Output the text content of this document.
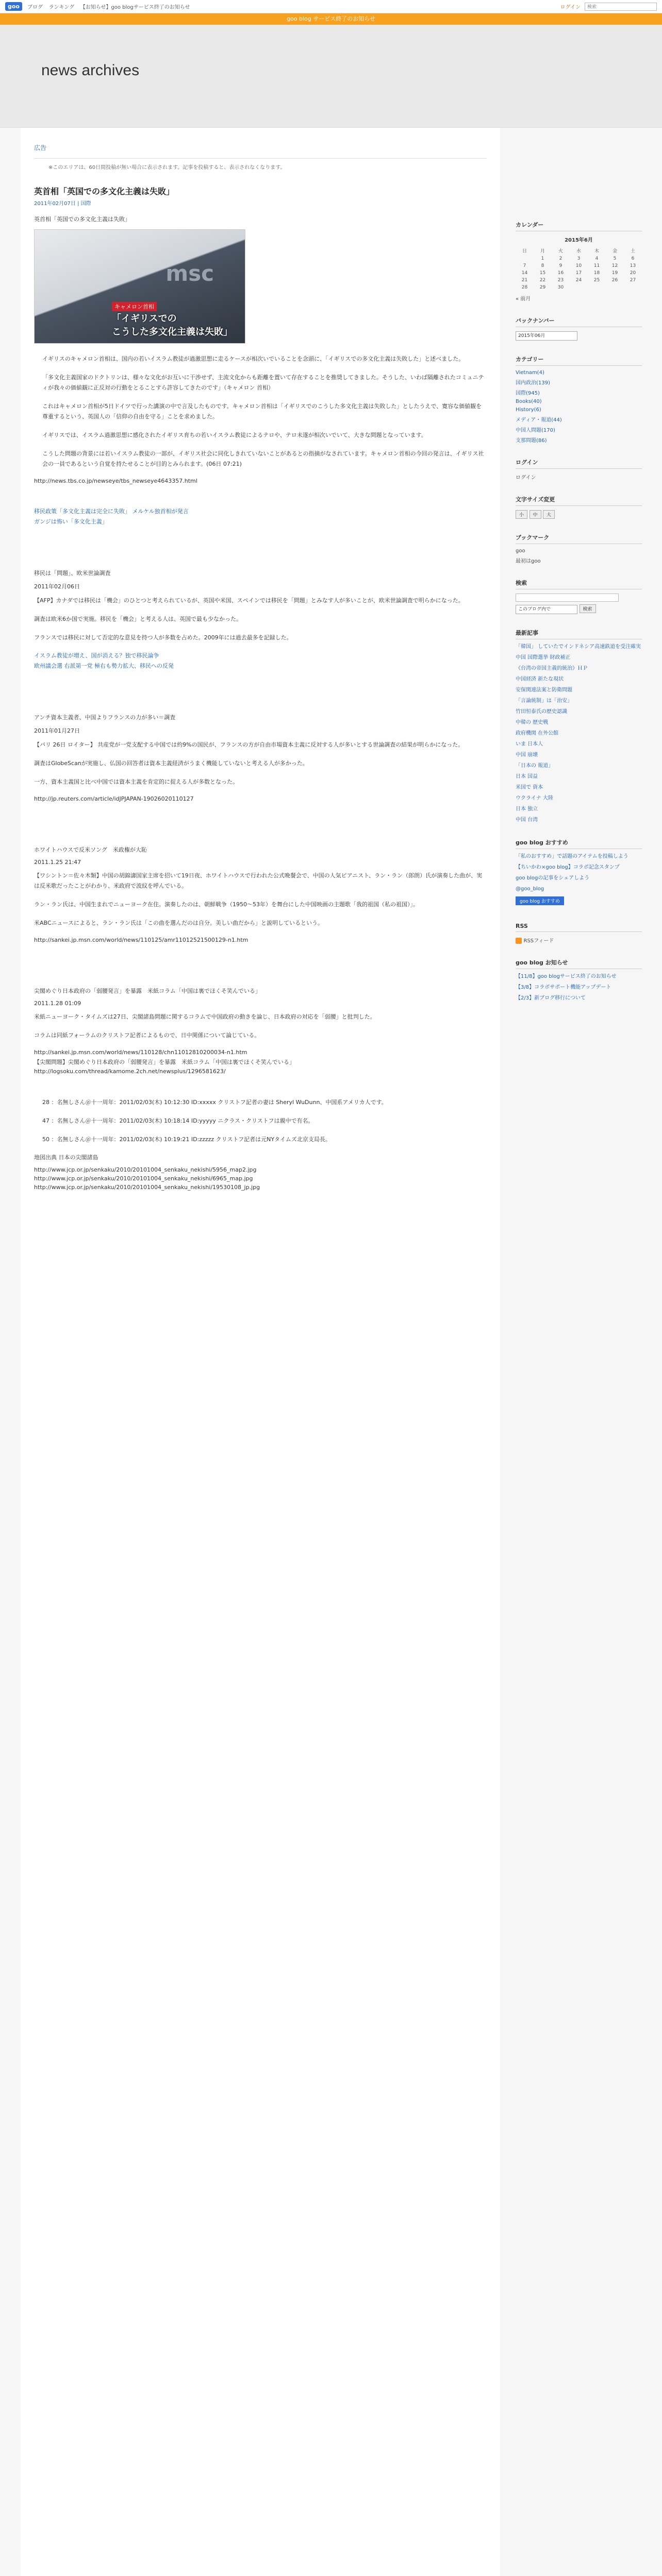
goo	ブログ ランキング 【お知らせ】goo blogサービス終了のお知らせ	ログイン
検索
goo blog サービス終了のお知らせ
news archives
広告
※このエリアは、60日間投稿が無い場合に表示されます。記事を投稿すると、表示されなくなります。
英首相「英国での多文化主義は失敗」
2011年02月07日 | 国際
英首相「英国での多文化主義は失敗」
msc
キャメロン首相
「イギリスでの
こうした多文化主義は失敗」

イギリスのキャメロン首相は、国内の若いイスラム教徒が過激思想に走るケースが相次いでいることを念頭に、「イギリスでの多文化主義は失敗した」と述べました。

「多文化主義国家のドクトリンは、様々な文化がお互いに干渉せず、主流文化からも距離を置いて存在することを推奨してきました。そうした、いわば隔離されたコミュニティが我々の価値観に正反対の行動をとることすら許容してきたのです」（キャメロン 首相）

これはキャメロン首相が5日ドイツで行った講演の中で言及したものです。キャメロン首相は「イギリスでのこうした多文化主義は失敗した」としたうえで、寛容な価値観を尊重するという、英国人の「信仰の自由を守る」ことを求めました。

イギリスでは、イスラム過激思想に感化されたイギリス育ちの若いイスラム教徒によるテロや、テロ未遂が相次いでいて、大きな問題となっています。

こうした問題の背景には若いイスラム教徒の一部が、イギリス社会に同化しきれていないことがあるとの指摘がなされています。キャメロン首相の今回の発言は、イギリス社会の一員であるという自覚を持たせることが目的とみられます。(06日 07:21)

http://news.tbs.co.jp/newseye/tbs_newseye4643357.html
移民政策「多文化主義は完全に失敗」 メルケル独首相が発言
ガンジは怖い「多文化主義」
移民は「問題」、欧米世論調査
2011年02月06日

【AFP】カナダでは移民は「機会」のひとつと考えられているが、英国や米国、スペインでは移民を「問題」とみなす人が多いことが、欧米世論調査で明らかになった。

調査は欧米6か国で実施。移民を「機会」と考える人は、英国で最も少なかった。

フランスでは移民に対して否定的な意見を持つ人が多数を占めた。2009年には過去最多を記録した。

イスラム教徒が増え、国が消える？独で移民論争
欧州議会選 右派第一党 極右も勢力拡大、移民への反発
アンチ資本主義者、中国よりフランスの力が多い＝調査
2011年01月27日

【パリ 26日 ロイター】 共産党が一党支配する中国では約9%の国民が、フランスの方が自由市場資本主義に反対する人が多いとする世論調査の結果が明らかになった。

調査はGlobeScanが実施し、仏国の回答者は資本主義経済がうまく機能していないと考える人が多かった。

一方、資本主義国と比べ中国では資本主義を肯定的に捉える人が多数となった。

http://jp.reuters.com/article/idJPJAPAN-19026020110127
ホワイトハウスで反米ソング　米政権が大恥
2011.1.25 21:47

【ワシントン＝佐々木類】中国の胡錦濤国家主席を招いて19日夜、ホワイトハウスで行われた公式晩餐会で、中国の人気ピアニスト、ラン・ラン（郎朗）氏が演奏した曲が、実は反米歌だったことがわかり、米政府で波紋を呼んでいる。

ラン・ラン氏は、中国生まれでニューヨーク在住。演奏したのは、朝鮮戦争（1950〜53年）を舞台にした中国映画の主題歌「我的祖国（私の祖国）」。

米ABCニュースによると、ラン・ラン氏は「この曲を選んだのは自分。美しい曲だから」と説明しているという。

http://sankei.jp.msn.com/world/news/110125/amr11012521500129-n1.htm
尖閣めぐり日本政府の「弱腰発言」を暴露　米紙コラム「中国は裏でほくそ笑んでいる」
2011.1.28 01:09

米紙ニューヨーク・タイムズは27日、尖閣諸島問題に関するコラムで中国政府の動きを論じ、日本政府の対応を「弱腰」と批判した。

コラムは同紙フォーラムのクリストフ記者によるもので、日中関係について論じている。

http://sankei.jp.msn.com/world/news/110128/chn11012810200034-n1.htm
【尖閣問題】尖閣めぐり日本政府の「弱腰発言」を暴露　米紙コラム「中国は裏でほくそ笑んでいる」
http://logsoku.com/thread/kamome.2ch.net/newsplus/1296581623/

28 ：名無しさん＠十一周年：2011/02/03(木) 10:12:30 ID:xxxxx クリストフ記者の妻は Sheryl WuDunn、中国系アメリカ人です。

47 ：名無しさん＠十一周年：2011/02/03(木) 10:18:14 ID:yyyyy ニクラス・クリストフは親中で有名。

50 ：名無しさん＠十一周年：2011/02/03(木) 10:19:21 ID:zzzzz クリストフ記者は元NYタイムズ北京支局長。

地図出典 日本の尖閣諸島
http://www.jcp.or.jp/senkaku/2010/20101004_senkaku_nekishi/5956_map2.jpg
http://www.jcp.or.jp/senkaku/2010/20101004_senkaku_nekishi/6965_map.jpg
http://www.jcp.or.jp/senkaku/2010/20101004_senkaku_nekishi/19530108_jp.jpg
カレンダー
2015年6月
日	月	火	水	木	金	土
	1	2	3	4	5	6
7	8	9	10	11	12	13
14	15	16	17	18	19	20
21	22	23	24	25	26	27
28	29	30				
« 前月
バックナンバー
2015年06月
カテゴリー
Vietnam(4)
国内政治(139)
国際(945)
Books(40)
History(6)
メディア・報道(44)
中国人問題(170)
支那問題(86)
ログイン
ログイン
文字サイズ変更
小 中 大
ブックマーク
goo
最初はgoo
検索
このブログ内で	検索
最新記事
「韓国」 していたでインドネシア高速鉄道を受注確実
中国 国際選挙 財政補正
《台湾の帝国主義的統治》ＨＰ
中国経済 新たな現状
安保関連法案と防衛問題
「言論統制」は「治安」
竹田恒泰氏の歴史認識
中韓の 歴史戦
政府機関 在外公館
いま 日本人
中国 崩壊
「日本の 報道」
日本 国益
米国で 資本
ウクライナ 大陸
日本 独立
中国 台湾
goo blog おすすめ
「私のおすすめ」で話題のアイテムを投稿しよう
【ちいかわ×goo blog】コラボ記念スタンプ
goo blogの記事をシェアしよう
@goo_blog
goo blog おすすめ
RSS
RSSフィード
goo blog お知らせ
【11/8】goo blogサービス終了のお知らせ
【3/8】コラボサポート機能アップデート
【2/3】新ブログ移行について
